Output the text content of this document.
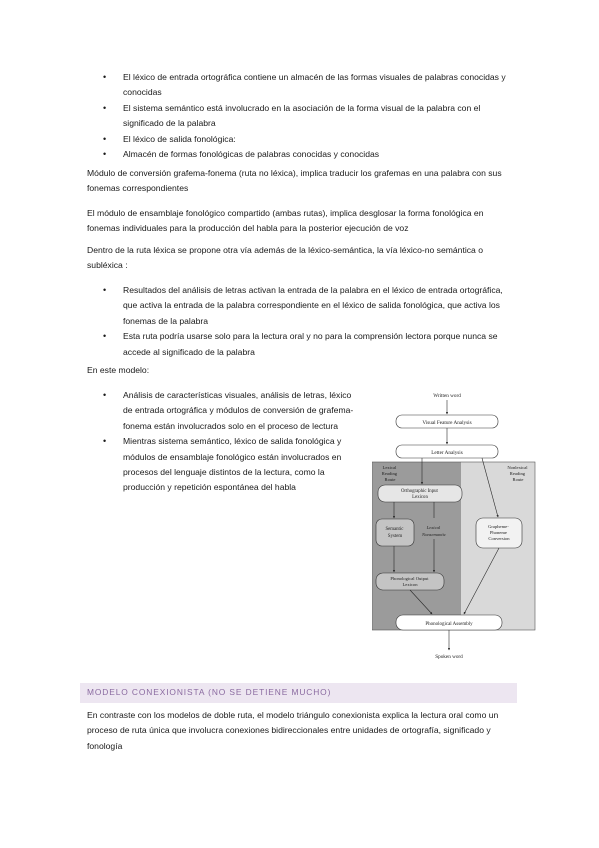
• El léxico de entrada ortográfica contiene un almacén de las formas visuales de palabras conocidas y conocidas
• El sistema semántico está involucrado en la asociación de la forma visual de la palabra con el significado de la palabra
• El léxico de salida fonológica:
• Almacén de formas fonológicas de palabras conocidas y conocidas
Módulo de conversión grafema-fonema (ruta no léxica), implica traducir los grafemas en una palabra con sus fonemas correspondientes
El módulo de ensamblaje fonológico compartido (ambas rutas), implica desglosar la forma fonológica en fonemas individuales para la producción del habla para la posterior ejecución de voz
Dentro de la ruta léxica se propone otra vía además de la léxico-semántica, la vía léxico-no semántica o subléxica :
• Resultados del análisis de letras activan la entrada de la palabra en el léxico de entrada ortográfica, que activa la entrada de la palabra correspondiente en el léxico de salida fonológica, que activa los fonemas de la palabra
• Esta ruta podría usarse solo para la lectura oral y no para la comprensión lectora porque nunca se accede al significado de la palabra
En este modelo:
• Análisis de características visuales, análisis de letras, léxico de entrada ortográfica y módulos de conversión de grafema-fonema están involucrados solo en el proceso de lectura
• Mientras sistema semántico, léxico de salida fonológica y módulos de ensamblaje fonológico están involucrados en procesos del lenguaje distintos de la lectura, como la producción y repetición espontánea del habla
Written word
Visual Feature Analysis
Letter Analysis
Lexical Reading Route
Nonlexical Reading Route
Orthographic Input Lexicon
Semantic System
Lexical Nonsemantic
Grapheme- Phoneme Conversion
Phonological Output Lexicon
Phonological Assembly
Spoken word
MODELO CONEXIONISTA (NO SE DETIENE MUCHO)
En contraste con los modelos de doble ruta, el modelo triángulo conexionista explica la lectura oral como un proceso de ruta única que involucra conexiones bidireccionales entre unidades de ortografía, significado y fonología
